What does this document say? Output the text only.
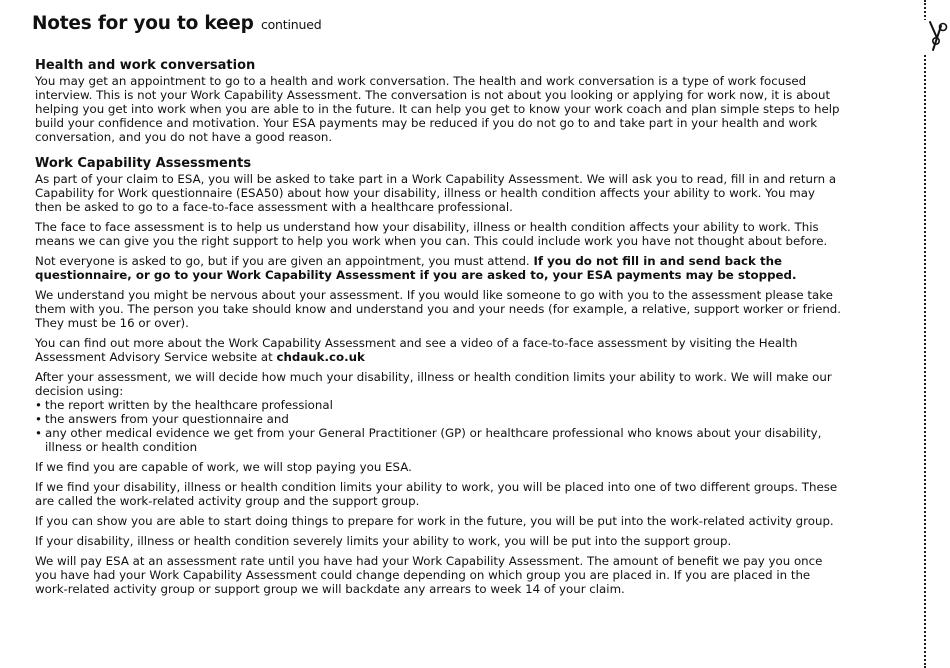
Notes for you to keep continued
Health and work conversation

You may get an appointment to go to a health and work conversation. The health and work conversation is a type of work focused interview. This is not your Work Capability Assessment. The conversation is not about you looking or applying for work now, it is about helping you get into work when you are able to in the future. It can help you get to know your work coach and plan simple steps to help build your confidence and motivation. Your ESA payments may be reduced if you do not go to and take part in your health and work conversation, and you do not have a good reason.

Work Capability Assessments

As part of your claim to ESA, you will be asked to take part in a Work Capability Assessment. We will ask you to read, fill in and return a Capability for Work questionnaire (ESA50) about how your disability, illness or health condition affects your ability to work. You may then be asked to go to a face-to-face assessment with a healthcare professional.

The face to face assessment is to help us understand how your disability, illness or health condition affects your ability to work. This means we can give you the right support to help you work when you can. This could include work you have not thought about before.

Not everyone is asked to go, but if you are given an appointment, you must attend. If you do not fill in and send back the questionnaire, or go to your Work Capability Assessment if you are asked to, your ESA payments may be stopped.

We understand you might be nervous about your assessment. If you would like someone to go with you to the assessment please take them with you. The person you take should know and understand you and your needs (for example, a relative, support worker or friend. They must be 16 or over).

You can find out more about the Work Capability Assessment and see a video of a face-to-face assessment by visiting the Health Assessment Advisory Service website at chdauk.co.uk

After your assessment, we will decide how much your disability, illness or health condition limits your ability to work. We will make our decision using:

• the report written by the healthcare professional
• the answers from your questionnaire and
• any other medical evidence we get from your General Practitioner (GP) or healthcare professional who knows about your disability, illness or health condition

If we find you are capable of work, we will stop paying you ESA.

If we find your disability, illness or health condition limits your ability to work, you will be placed into one of two different groups. These are called the work-related activity group and the support group.

If you can show you are able to start doing things to prepare for work in the future, you will be put into the work-related activity group.

If your disability, illness or health condition severely limits your ability to work, you will be put into the support group.

We will pay ESA at an assessment rate until you have had your Work Capability Assessment. The amount of benefit we pay you once you have had your Work Capability Assessment could change depending on which group you are placed in. If you are placed in the work-related activity group or support group we will backdate any arrears to week 14 of your claim.
